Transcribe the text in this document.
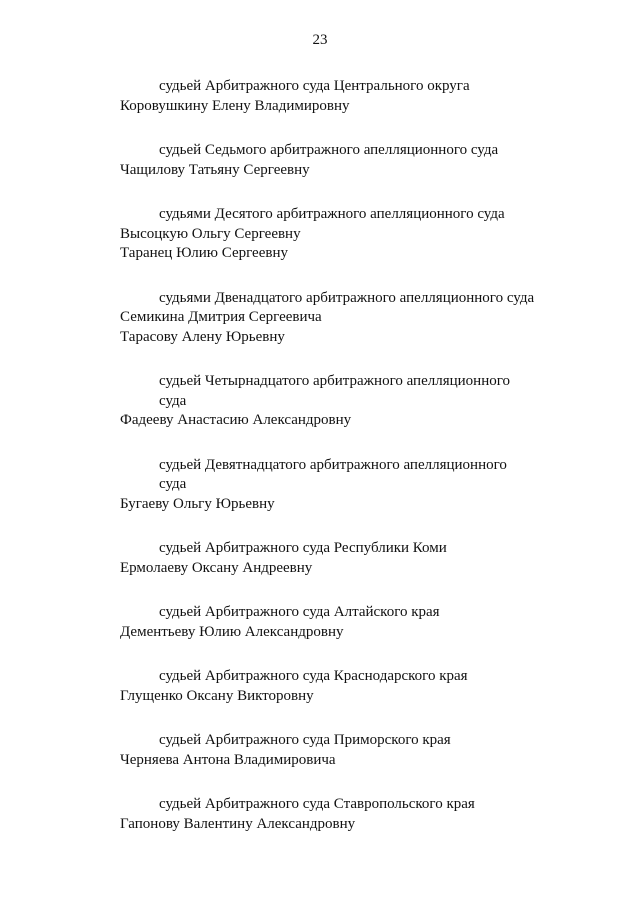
23
судьей Арбитражного суда Центрального округа
Коровушкину Елену Владимировну
судьей Седьмого арбитражного апелляционного суда
Чащилову Татьяну Сергеевну
судьями Десятого арбитражного апелляционного суда
Высоцкую Ольгу Сергеевну
Таранец Юлию Сергеевну
судьями Двенадцатого арбитражного апелляционного суда
Семикина Дмитрия Сергеевича
Тарасову Алену Юрьевну
судьей Четырнадцатого арбитражного апелляционного
суда
Фадееву Анастасию Александровну
судьей Девятнадцатого арбитражного апелляционного
суда
Бугаеву Ольгу Юрьевну
судьей Арбитражного суда Республики Коми
Ермолаеву Оксану Андреевну
судьей Арбитражного суда Алтайского края
Дементьеву Юлию Александровну
судьей Арбитражного суда Краснодарского края
Глущенко Оксану Викторовну
судьей Арбитражного суда Приморского края
Черняева Антона Владимировича
судьей Арбитражного суда Ставропольского края
Гапонову Валентину Александровну
